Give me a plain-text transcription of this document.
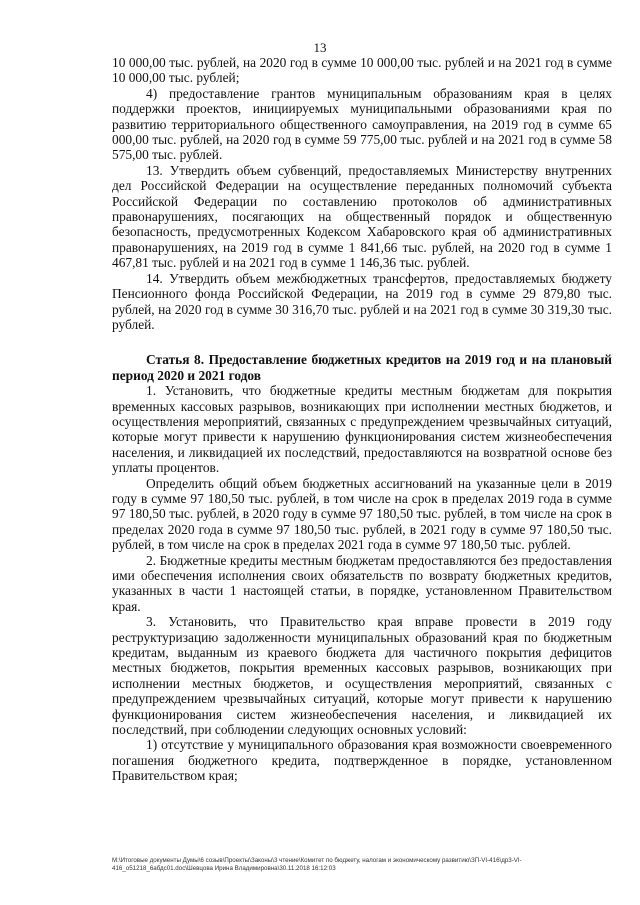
13

10 000,00 тыс. рублей, на 2020 год в сумме 10 000,00 тыс. рублей и на 2021 год в сумме 10 000,00 тыс. рублей;

4) предоставление грантов муниципальным образованиям края в целях поддержки проектов, инициируемых муниципальными образованиями края по развитию территориального общественного самоуправления, на 2019 год в сумме 65 000,00 тыс. рублей, на 2020 год в сумме 59 775,00 тыс. рублей и на 2021 год в сумме 58 575,00 тыс. рублей.

13. Утвердить объем субвенций, предоставляемых Министерству внутренних дел Российской Федерации на осуществление переданных полномочий субъекта Российской Федерации по составлению протоколов об административных правонарушениях, посягающих на общественный порядок и общественную безопасность, предусмотренных Кодексом Хабаровского края об административных правонарушениях, на 2019 год в сумме 1 841,66 тыс. рублей, на 2020 год в сумме 1 467,81 тыс. рублей и на 2021 год в сумме 1 146,36 тыс. рублей.

14. Утвердить объем межбюджетных трансфертов, предоставляемых бюджету Пенсионного фонда Российской Федерации, на 2019 год в сумме 29 879,80 тыс. рублей, на 2020 год в сумме 30 316,70 тыс. рублей и на 2021 год в сумме 30 319,30 тыс. рублей.

Статья 8. Предоставление бюджетных кредитов на 2019 год и на плановый период 2020 и 2021 годов

1. Установить, что бюджетные кредиты местным бюджетам для покрытия временных кассовых разрывов, возникающих при исполнении местных бюджетов, и осуществления мероприятий, связанных с предупреждением чрезвычайных ситуаций, которые могут привести к нарушению функционирования систем жизнеобеспечения населения, и ликвидацией их последствий, предоставляются на возвратной основе без уплаты процентов.

Определить общий объем бюджетных ассигнований на указанные цели в 2019 году в сумме 97 180,50 тыс. рублей, в том числе на срок в пределах 2019 года в сумме 97 180,50 тыс. рублей, в 2020 году в сумме 97 180,50 тыс. рублей, в том числе на срок в пределах 2020 года в сумме 97 180,50 тыс. рублей, в 2021 году в сумме 97 180,50 тыс. рублей, в том числе на срок в пределах 2021 года в сумме 97 180,50 тыс. рублей.

2. Бюджетные кредиты местным бюджетам предоставляются без предоставления ими обеспечения исполнения своих обязательств по возврату бюджетных кредитов, указанных в части 1 настоящей статьи, в порядке, установленном Правительством края.

3. Установить, что Правительство края вправе провести в 2019 году реструктуризацию задолженности муниципальных образований края по бюджетным кредитам, выданным из краевого бюджета для частичного покрытия дефицитов местных бюджетов, покрытия временных кассовых разрывов, возникающих при исполнении местных бюджетов, и осуществления мероприятий, связанных с предупреждением чрезвычайных ситуаций, которые могут привести к нарушению функционирования систем жизнеобеспечения населения, и ликвидацией их последствий, при соблюдении следующих основных условий:

1) отсутствие у муниципального образования края возможности своевременного погашения бюджетного кредита, подтвержденное в порядке, установленном Правительством края;

M:\Итоговые документы Думы\6 созыв\Проекты\Законы\3 чтение\Комитет по бюджету, налогам и экономическому развитию\ЗП-VI-416\др3-VI-416_о51218_6абдс01.doc\Шевцова Ирина Владимировна\30.11.2018 16:12:03
